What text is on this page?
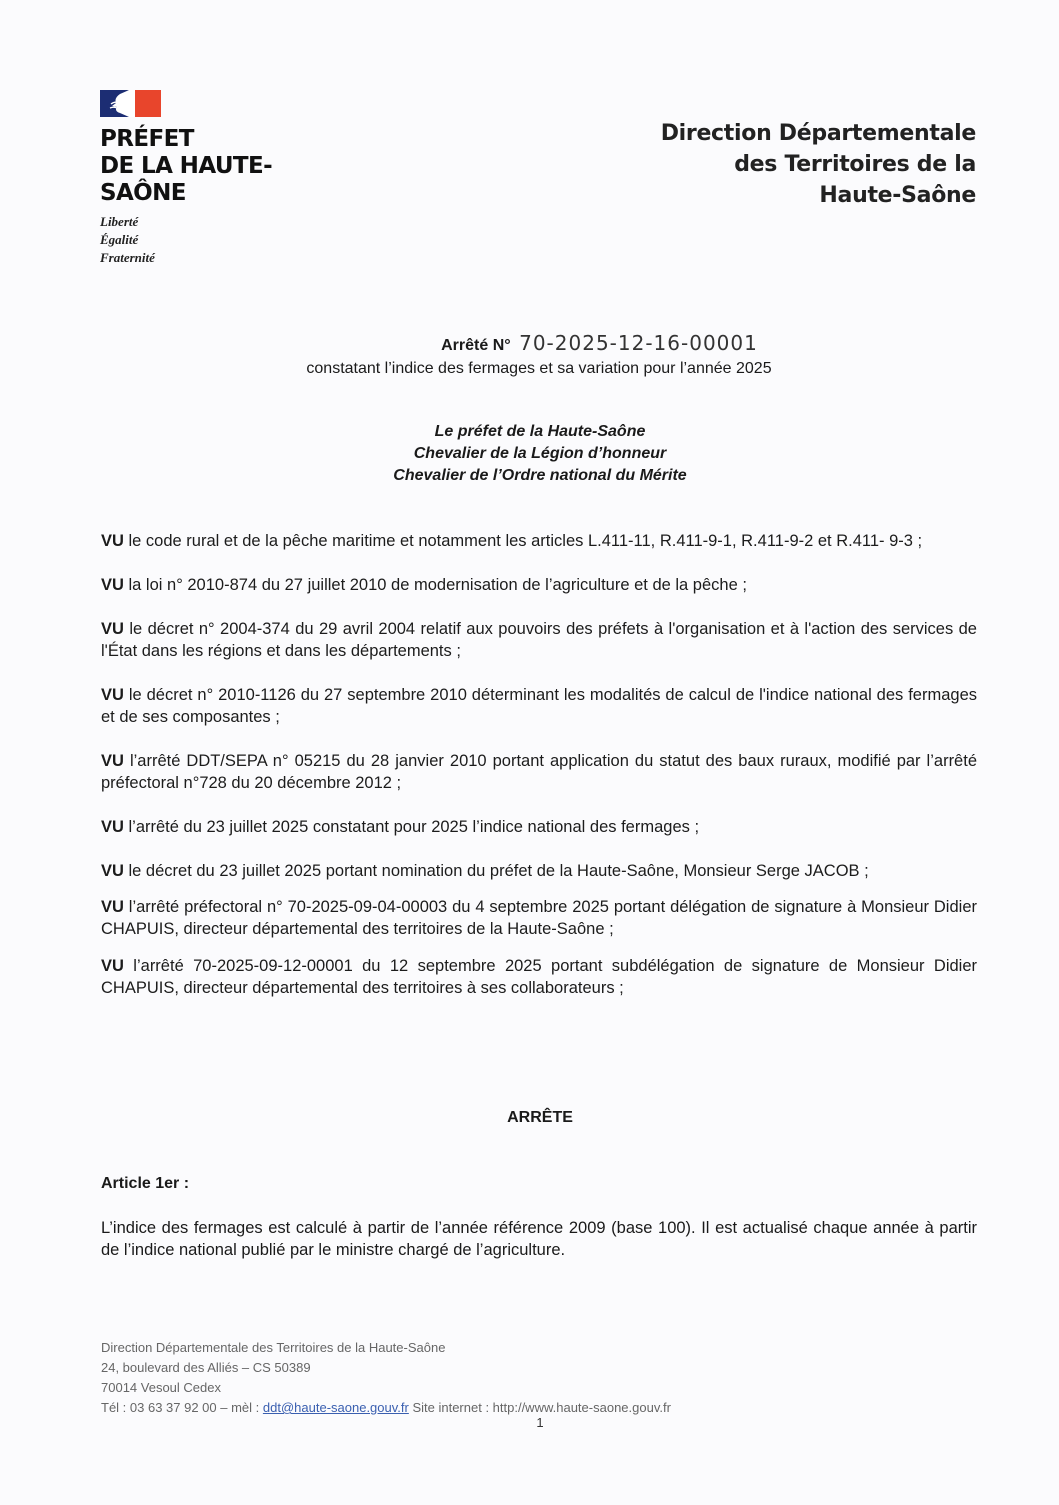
PRÉFET
DE LA HAUTE-
SAÔNE
Liberté
Égalité
Fraternité
Direction Départementale
des Territoires de la
Haute-Saône
Arrêté N° 70-2025-12-16-00001
constatant l’indice des fermages et sa variation pour l’année 2025
Le préfet de la Haute-Saône
Chevalier de la Légion d’honneur
Chevalier de l’Ordre national du Mérite

VU le code rural et de la pêche maritime et notamment les articles L.411-11, R.411-9-1, R.411-9-2 et R.411- 9-3 ;

VU la loi n° 2010-874 du 27 juillet 2010 de modernisation de l’agriculture et de la pêche ;

VU le décret n° 2004-374 du 29 avril 2004 relatif aux pouvoirs des préfets à l'organisation et à l'action des services de l'État dans les régions et dans les départements ;

VU le décret n° 2010-1126 du 27 septembre 2010 déterminant les modalités de calcul de l'indice national des fermages et de ses composantes ;

VU l’arrêté DDT/SEPA n° 05215 du 28 janvier 2010 portant application du statut des baux ruraux, modifié par l’arrêté préfectoral n°728 du 20 décembre 2012 ;

VU l’arrêté du 23 juillet 2025 constatant pour 2025 l’indice national des fermages ;

VU le décret du 23 juillet 2025 portant nomination du préfet de la Haute-Saône, Monsieur Serge JACOB ;

VU l’arrêté préfectoral n° 70-2025-09-04-00003 du 4 septembre 2025 portant délégation de signature à Monsieur Didier CHAPUIS, directeur départemental des territoires de la Haute-Saône ;

VU l’arrêté 70-2025-09-12-00001 du 12 septembre 2025 portant subdélégation de signature de Monsieur Didier CHAPUIS, directeur départemental des territoires à ses collaborateurs ;

ARRÊTE
Article 1er :
L’indice des fermages est calculé à partir de l’année référence 2009 (base 100). Il est actualisé chaque année à partir de l’indice national publié par le ministre chargé de l’agriculture.
Direction Départementale des Territoires de la Haute-Saône
24, boulevard des Alliés – CS 50389
70014 Vesoul Cedex
Tél : 03 63 37 92 00 – mèl : ddt@haute-saone.gouv.fr Site internet : http://www.haute-saone.gouv.fr
1
